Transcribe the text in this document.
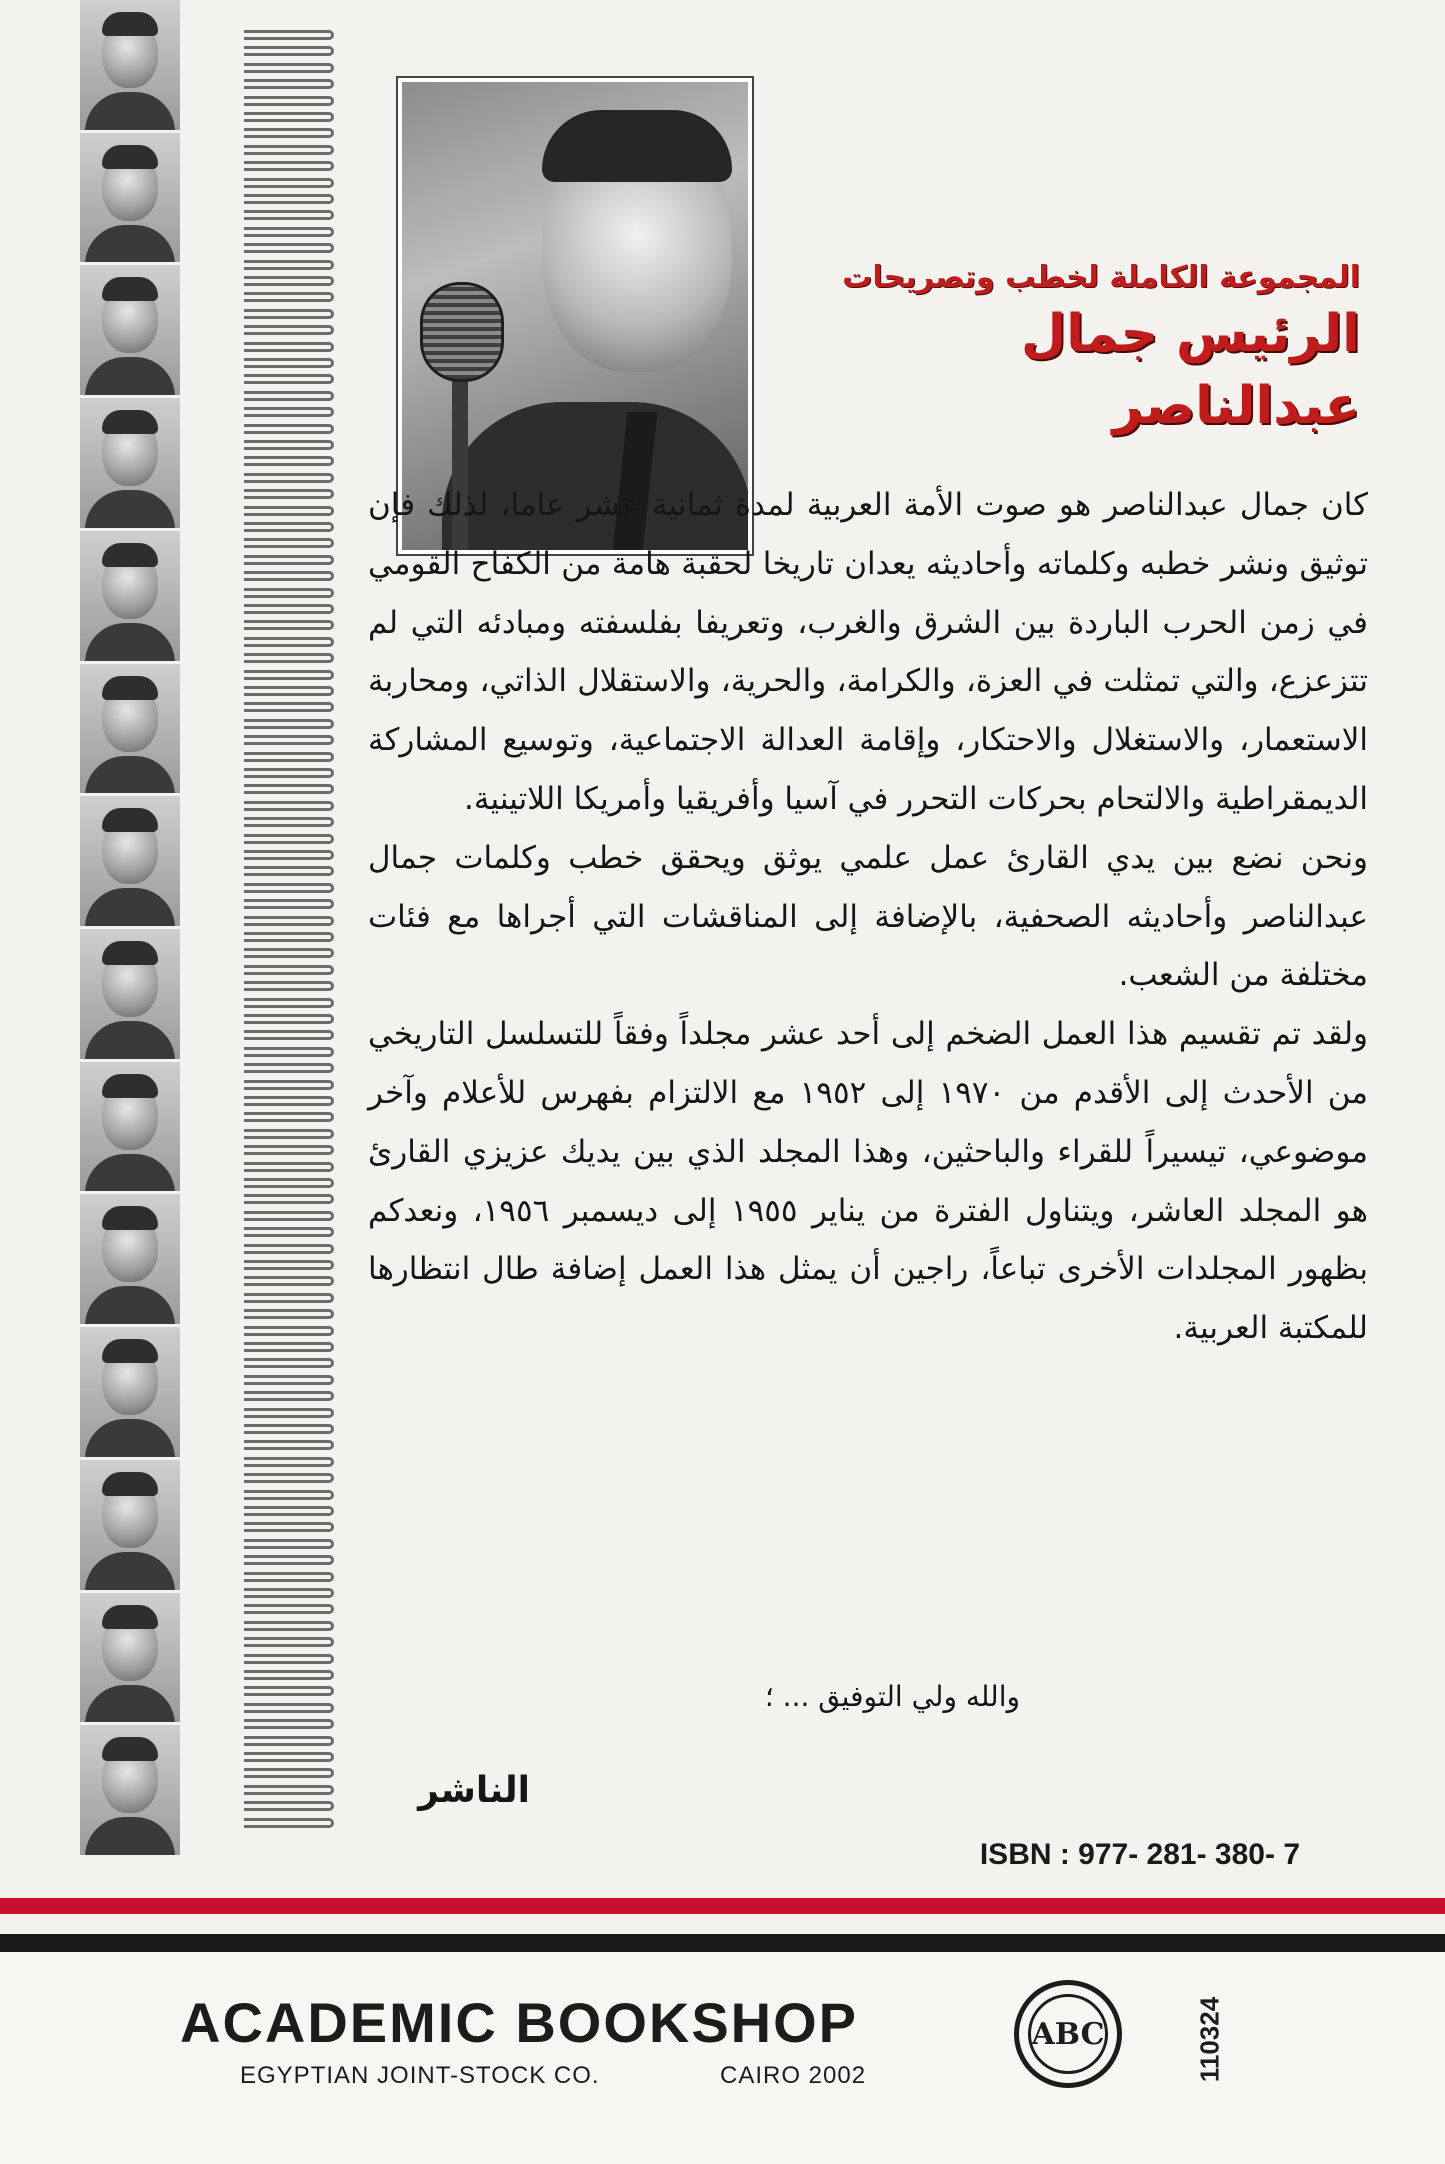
المجموعة الكاملة لخطب وتصريحات
الرئيس جمال عبدالناصر

كان جمال عبدالناصر هو صوت الأمة العربية لمدة ثمانية عشر عاما، لذلك فإن توثيق ونشر خطبه وكلماته وأحاديثه يعدان تاريخا لحقبة هامة من الكفاح القومي في زمن الحرب الباردة بين الشرق والغرب، وتعريفا بفلسفته ومبادئه التي لم تتزعزع، والتي تمثلت في العزة، والكرامة، والحرية، والاستقلال الذاتي، ومحاربة الاستعمار، والاستغلال والاحتكار، وإقامة العدالة الاجتماعية، وتوسيع المشاركة الديمقراطية والالتحام بحركات التحرر في آسيا وأفريقيا وأمريكا اللاتينية.

ونحن نضع بين يدي القارئ عمل علمي يوثق ويحقق خطب وكلمات جمال عبدالناصر وأحاديثه الصحفية، بالإضافة إلى المناقشات التي أجراها مع فئات مختلفة من الشعب.

ولقد تم تقسيم هذا العمل الضخم إلى أحد عشر مجلداً وفقاً للتسلسل التاريخي من الأحدث إلى الأقدم من ١٩٧٠ إلى ١٩٥٢ مع الالتزام بفهرس للأعلام وآخر موضوعي، تيسيراً للقراء والباحثين، وهذا المجلد الذي بين يديك عزيزي القارئ هو المجلد العاشر، ويتناول الفترة من يناير ١٩٥٥ إلى ديسمبر ١٩٥٦، ونعدكم بظهور المجلدات الأخرى تباعاً، راجين أن يمثل هذا العمل إضافة طال انتظارها للمكتبة العربية.

والله ولي التوفيق ... ؛
الناشر
ISBN : 977- 281- 380- 7
ACADEMIC BOOKSHOP
EGYPTIAN JOINT-STOCK CO.	CAIRO 2002
ABC	110324
